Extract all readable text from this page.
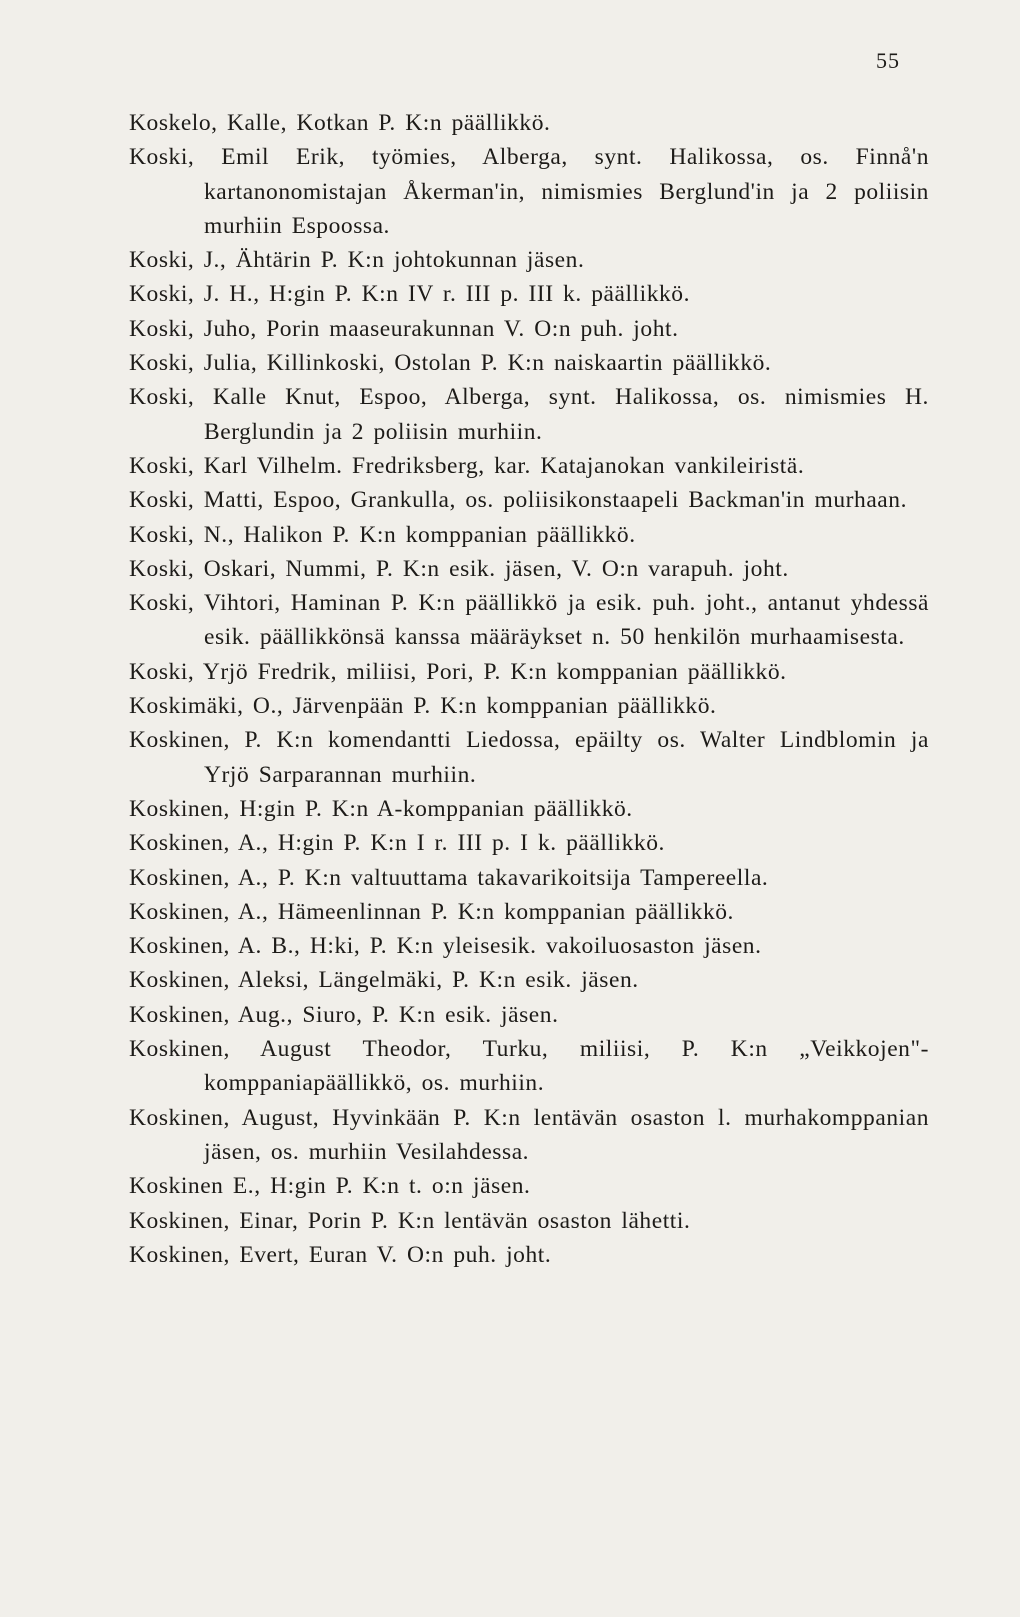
55
Koskelo, Kalle, Kotkan P. K:n päällikkö.
Koski, Emil Erik, työmies, Alberga, synt. Halikossa, os. Finnå'n kartanonomistajan Åkerman'in, nimismies Berglund'in ja 2 poliisin murhiin Espoossa.
Koski, J., Ähtärin P. K:n johtokunnan jäsen.
Koski, J. H., H:gin P. K:n IV r. III p. III k. päällikkö.
Koski, Juho, Porin maaseurakunnan V. O:n puh. joht.
Koski, Julia, Killinkoski, Ostolan P. K:n naiskaartin päällikkö.
Koski, Kalle Knut, Espoo, Alberga, synt. Halikossa, os. nimismies H. Berglundin ja 2 poliisin murhiin.
Koski, Karl Vilhelm. Fredriksberg, kar. Katajanokan vankileiristä.
Koski, Matti, Espoo, Grankulla, os. poliisikonstaapeli Backman'in murhaan.
Koski, N., Halikon P. K:n komppanian päällikkö.
Koski, Oskari, Nummi, P. K:n esik. jäsen, V. O:n varapuh. joht.
Koski, Vihtori, Haminan P. K:n päällikkö ja esik. puh. joht., antanut yhdessä esik. päällikkönsä kanssa määräykset n. 50 henkilön murhaamisesta.
Koski, Yrjö Fredrik, miliisi, Pori, P. K:n komppanian päällikkö.
Koskimäki, O., Järvenpään P. K:n komppanian päällikkö.
Koskinen, P. K:n komendantti Liedossa, epäilty os. Walter Lindblomin ja Yrjö Sarparannan murhiin.
Koskinen, H:gin P. K:n A-komppanian päällikkö.
Koskinen, A., H:gin P. K:n I r. III p. I k. päällikkö.
Koskinen, A., P. K:n valtuuttama takavarikoitsija Tampereella.
Koskinen, A., Hämeenlinnan P. K:n komppanian päällikkö.
Koskinen, A. B., H:ki, P. K:n yleisesik. vakoiluosaston jäsen.
Koskinen, Aleksi, Längelmäki, P. K:n esik. jäsen.
Koskinen, Aug., Siuro, P. K:n esik. jäsen.
Koskinen, August Theodor, Turku, miliisi, P. K:n „Veikkojen"-komppaniapäällikkö, os. murhiin.
Koskinen, August, Hyvinkään P. K:n lentävän osaston l. murhakomppanian jäsen, os. murhiin Vesilahdessa.
Koskinen E., H:gin P. K:n t. o:n jäsen.
Koskinen, Einar, Porin P. K:n lentävän osaston lähetti.
Koskinen, Evert, Euran V. O:n puh. joht.
